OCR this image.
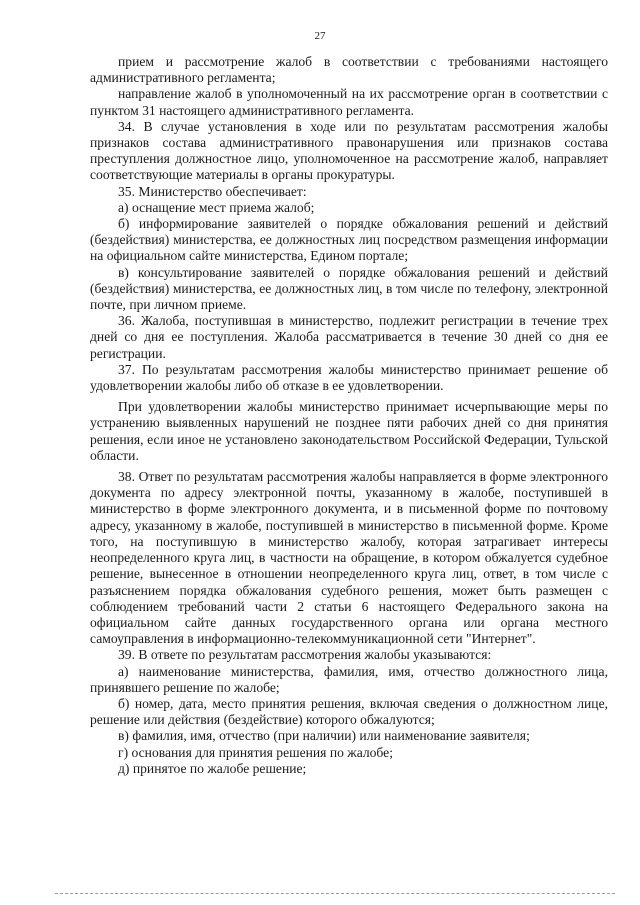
27

прием и рассмотрение жалоб в соответствии с требованиями настоящего административного регламента;

направление жалоб в уполномоченный на их рассмотрение орган в соответствии с пунктом 31 настоящего административного регламента.

34. В случае установления в ходе или по результатам рассмотрения жалобы признаков состава административного правонарушения или признаков состава преступления должностное лицо, уполномоченное на рассмотрение жалоб, направляет соответствующие материалы в органы прокуратуры.

35. Министерство обеспечивает:

а) оснащение мест приема жалоб;

б) информирование заявителей о порядке обжалования решений и действий (бездействия) министерства, ее должностных лиц посредством размещения информации на официальном сайте министерства, Едином портале;

в) консультирование заявителей о порядке обжалования решений и действий (бездействия) министерства, ее должностных лиц, в том числе по телефону, электронной почте, при личном приеме.

36. Жалоба, поступившая в министерство, подлежит регистрации в течение трех дней со дня ее поступления. Жалоба рассматривается в течение 30 дней со дня ее регистрации.

37. По результатам рассмотрения жалобы министерство принимает решение об удовлетворении жалобы либо об отказе в ее удовлетворении.

При удовлетворении жалобы министерство принимает исчерпывающие меры по устранению выявленных нарушений не позднее пяти рабочих дней со дня принятия решения, если иное не установлено законодательством Российской Федерации, Тульской области.

38. Ответ по результатам рассмотрения жалобы направляется в форме электронного документа по адресу электронной почты, указанному в жалобе, поступившей в министерство в форме электронного документа, и в письменной форме по почтовому адресу, указанному в жалобе, поступившей в министерство в письменной форме. Кроме того, на поступившую в министерство жалобу, которая затрагивает интересы неопределенного круга лиц, в частности на обращение, в котором обжалуется судебное решение, вынесенное в отношении неопределенного круга лиц, ответ, в том числе с разъяснением порядка обжалования судебного решения, может быть размещен с соблюдением требований части 2 статьи 6 настоящего Федерального закона на официальном сайте данных государственного органа или органа местного самоуправления в информационно-телекоммуникационной сети "Интернет".

39. В ответе по результатам рассмотрения жалобы указываются:

а) наименование министерства, фамилия, имя, отчество должностного лица, принявшего решение по жалобе;

б) номер, дата, место принятия решения, включая сведения о должностном лице, решение или действия (бездействие) которого обжалуются;

в) фамилия, имя, отчество (при наличии) или наименование заявителя;

г) основания для принятия решения по жалобе;

д) принятое по жалобе решение;
